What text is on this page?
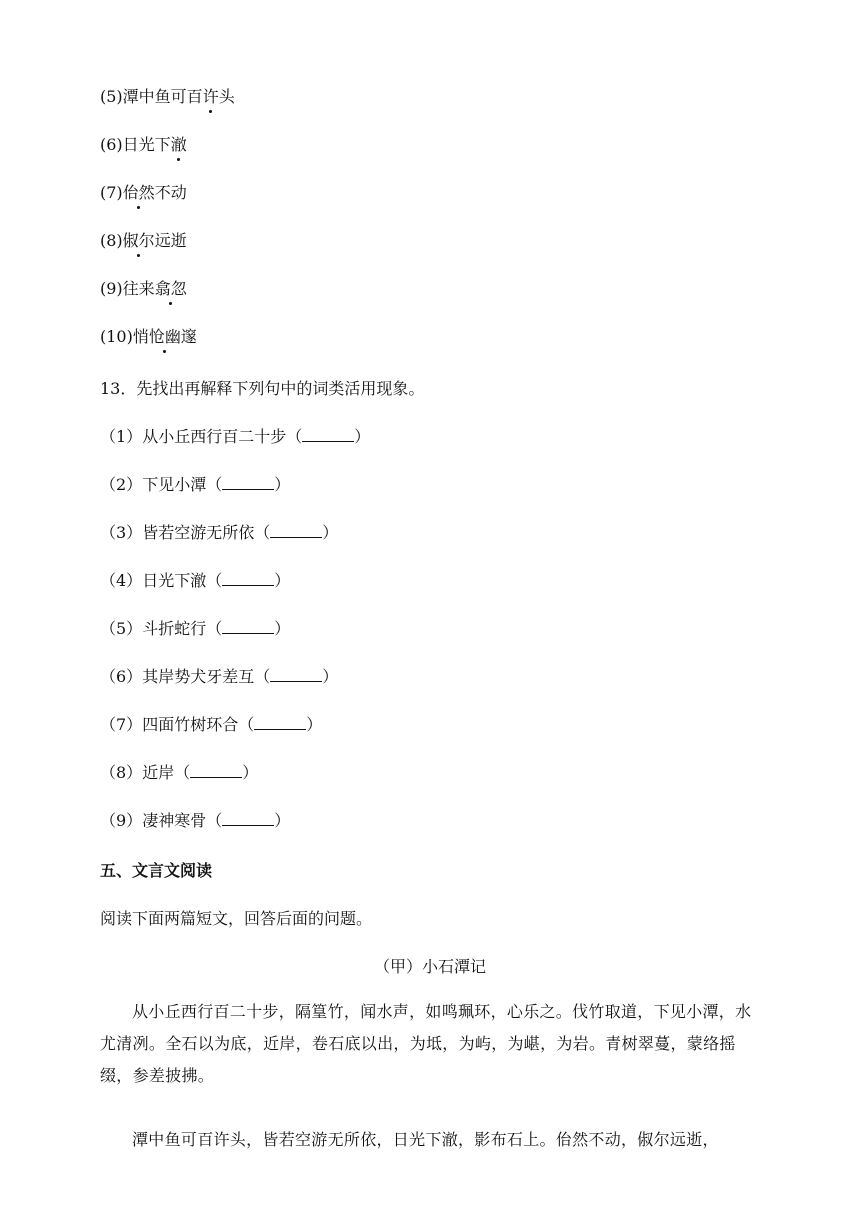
(5)潭中鱼可百许头
(6)日光下澈
(7)佁然不动
(8)俶尔远逝
(9)往来翕忽
(10)悄怆幽邃
13．先找出再解释下列句中的词类活用现象。
（1）从小丘西行百二十步（	）
（2）下见小潭（	）
（3）皆若空游无所依（	）
（4）日光下澈（	）
（5）斗折蛇行（	）
（6）其岸势犬牙差互（	）
（7）四面竹树环合（	）
（8）近岸（	）
（9）凄神寒骨（	）
五、文言文阅读
阅读下面两篇短文，回答后面的问题。
（甲）小石潭记
从小丘西行百二十步，隔篁竹，闻水声，如鸣珮环，心乐之。伐竹取道，下见小潭，水尤清冽。全石以为底，近岸，卷石底以出，为坻，为屿，为嵁，为岩。青树翠蔓，蒙络摇缀，参差披拂。
潭中鱼可百许头，皆若空游无所依，日光下澈，影布石上。佁然不动，俶尔远逝，
